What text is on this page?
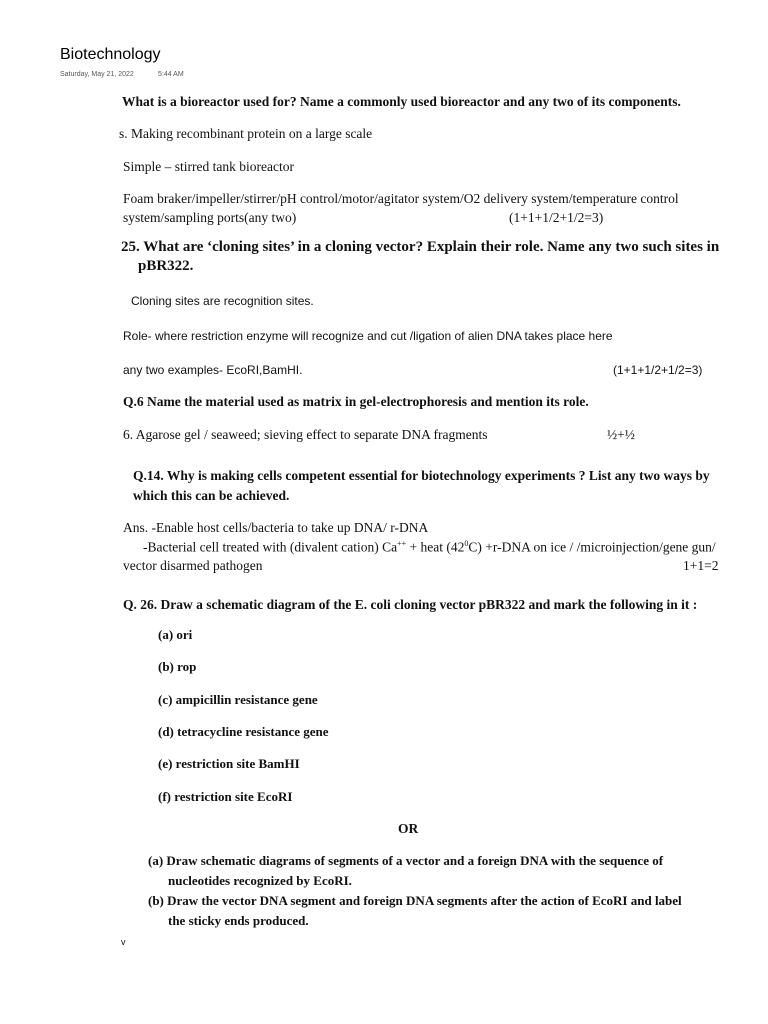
Biotechnology
Saturday, May 21, 2022	5:44 AM
What is a bioreactor used for? Name a commonly used bioreactor and any two of its components.
s. Making recombinant protein on a large scale
Simple – stirred tank bioreactor
Foam braker/impeller/stirrer/pH control/motor/agitator system/O2 delivery system/temperature control
system/sampling ports(any two)	(1+1+1/2+1/2=3)
25. What are ‘cloning sites’ in a cloning vector? Explain their role. Name any two such sites in
pBR322.
Cloning sites are recognition sites.
Role- where restriction enzyme will recognize and cut /ligation of alien DNA takes place here
any two examples- EcoRI,BamHI.	(1+1+1/2+1/2=3)
Q.6 Name the material used as matrix in gel-electrophoresis and mention its role.
6. Agarose gel / seaweed; sieving effect to separate DNA fragments	½+½
Q.14. Why is making cells competent essential for biotechnology experiments ? List any two ways by
which this can be achieved.
Ans. -Enable host cells/bacteria to take up DNA/ r-DNA
-Bacterial cell treated with (divalent cation) Ca++ + heat $(42^0C) +r-DNA$ on ice / /microinjection/gene gun/
vector disarmed pathogen	1+1=2
Q. 26. Draw a schematic diagram of the E. coli cloning vector pBR322 and mark the following in it :
(a) ori
(b) rop
(c) ampicillin resistance gene
(d) tetracycline resistance gene
(e) restriction site BamHI
(f) restriction site EcoRI
OR
(a) Draw schematic diagrams of segments of a vector and a foreign DNA with the sequence of
nucleotides recognized by EcoRI.
(b) Draw the vector DNA segment and foreign DNA segments after the action of EcoRI and label
the sticky ends produced.
v
